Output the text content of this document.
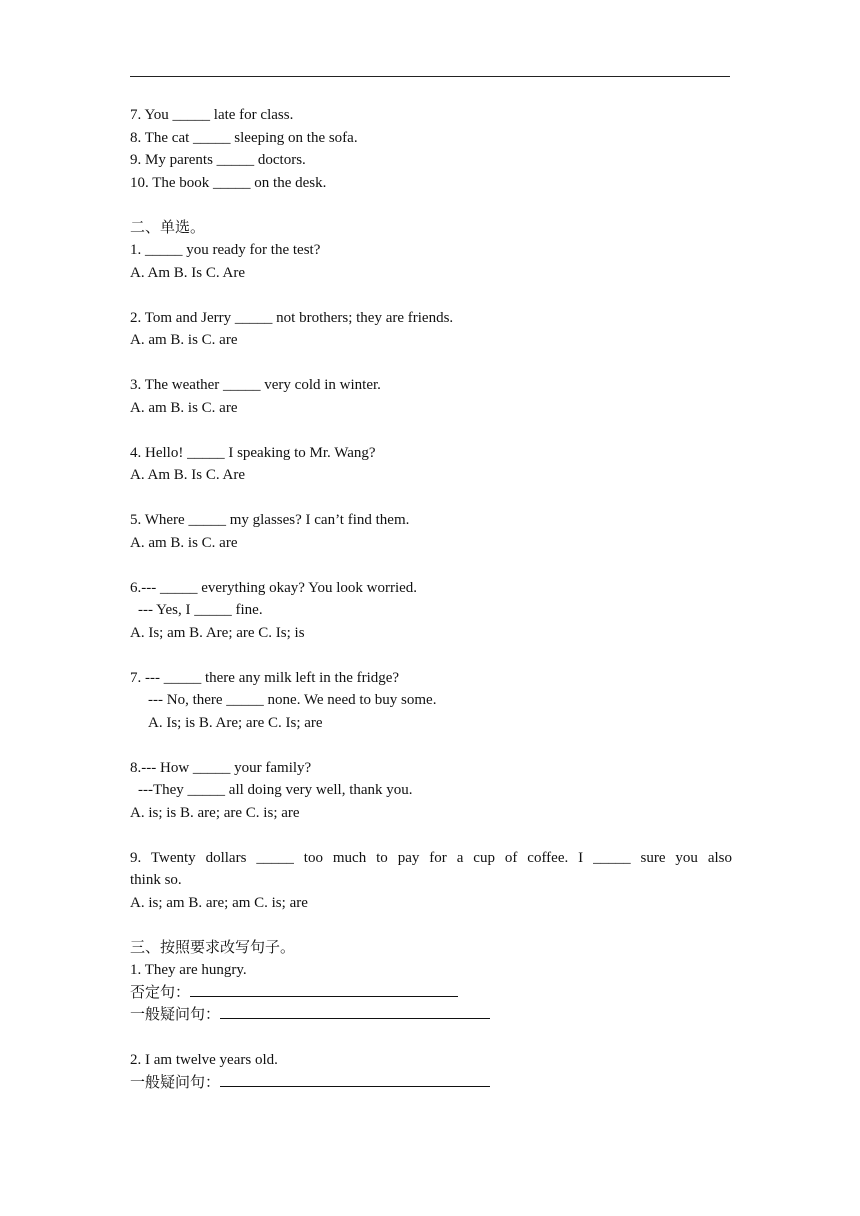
7. You _____ late for class.
8. The cat _____ sleeping on the sofa.
9. My parents _____ doctors.
10. The book _____ on the desk.
二、单选。
1. _____ you ready for the test?
A. Am B. Is C. Are
2. Tom and Jerry _____ not brothers; they are friends.
A. am B. is C. are
3. The weather _____ very cold in winter.
A. am B. is C. are
4. Hello! _____ I speaking to Mr. Wang?
A. Am B. Is C. Are
5. Where _____ my glasses? I can’t find them.
A. am B. is C. are
6.--- _____ everything okay? You look worried.
--- Yes, I _____ fine.
A. Is; am B. Are; are C. Is; is
7. --- _____ there any milk left in the fridge?
--- No, there _____ none. We need to buy some.
A. Is; is B. Are; are C. Is; are
8.--- How _____ your family?
---They _____ all doing very well, thank you.
A. is; is B. are; are C. is; are
9. Twenty dollars _____ too much to pay for a cup of coffee. I _____ sure you also
think so.
A. is; am B. are; am C. is; are
三、按照要求改写句子。
1. They are hungry.
否定句：
一般疑问句：
2. I am twelve years old.
一般疑问句：
